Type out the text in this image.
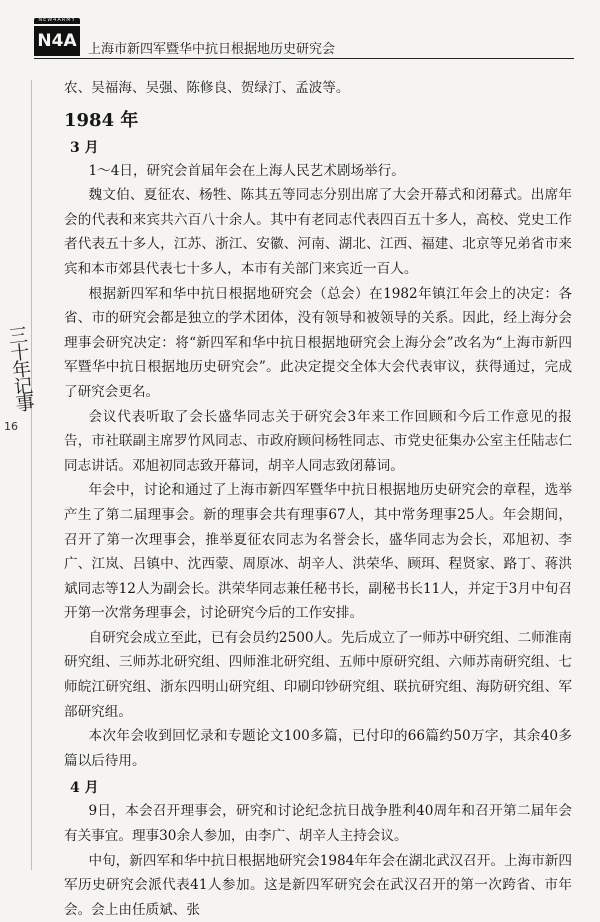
NEW4ARMY
N4A 上海市新四军暨华中抗日根据地历史研究会
三十年记事
16

农、吴福海、吴强、陈修良、贺绿汀、孟波等。

1984 年
3 月

1～4日，研究会首届年会在上海人民艺术剧场举行。

魏文伯、夏征农、杨牲、陈其五等同志分别出席了大会开幕式和闭幕式。出席年会的代表和来宾共六百八十余人。其中有老同志代表四百五十多人，高校、党史工作者代表五十多人，江苏、浙江、安徽、河南、湖北、江西、福建、北京等兄弟省市来宾和本市郊县代表七十多人，本市有关部门来宾近一百人。

根据新四军和华中抗日根据地研究会（总会）在1982年镇江年会上的决定：各省、市的研究会都是独立的学术团体，没有领导和被领导的关系。因此，经上海分会理事会研究决定：将“新四军和华中抗日根据地研究会上海分会”改名为“上海市新四军暨华中抗日根据地历史研究会”。此决定提交全体大会代表审议，获得通过，完成了研究会更名。

会议代表听取了会长盛华同志关于研究会3年来工作回顾和今后工作意见的报告，市社联副主席罗竹风同志、市政府顾问杨牲同志、市党史征集办公室主任陆志仁同志讲话。邓旭初同志致开幕词，胡辛人同志致闭幕词。

年会中，讨论和通过了上海市新四军暨华中抗日根据地历史研究会的章程，选举产生了第二届理事会。新的理事会共有理事67人，其中常务理事25人。年会期间，召开了第一次理事会，推举夏征农同志为名誉会长，盛华同志为会长，邓旭初、李广、江岚、吕镇中、沈西蒙、周原冰、胡辛人、洪荣华、顾珥、程贤家、路丁、蒋洪斌同志等12人为副会长。洪荣华同志兼任秘书长，副秘书长11人，并定于3月中旬召开第一次常务理事会，讨论研究今后的工作安排。

自研究会成立至此，已有会员约2500人。先后成立了一师苏中研究组、二师淮南研究组、三师苏北研究组、四师淮北研究组、五师中原研究组、六师苏南研究组、七师皖江研究组、浙东四明山研究组、印刷印钞研究组、联抗研究组、海防研究组、军部研究组。

本次年会收到回忆录和专题论文100多篇，已付印的66篇约50万字，其余40多篇以后待用。

4 月

9日，本会召开理事会，研究和讨论纪念抗日战争胜利40周年和召开第二届年会有关事宜。理事30余人参加，由李广、胡辛人主持会议。

中旬，新四军和华中抗日根据地研究会1984年年会在湖北武汉召开。上海市新四军历史研究会派代表41人参加。这是新四军研究会在武汉召开的第一次跨省、市年会。会上由任质斌、张
